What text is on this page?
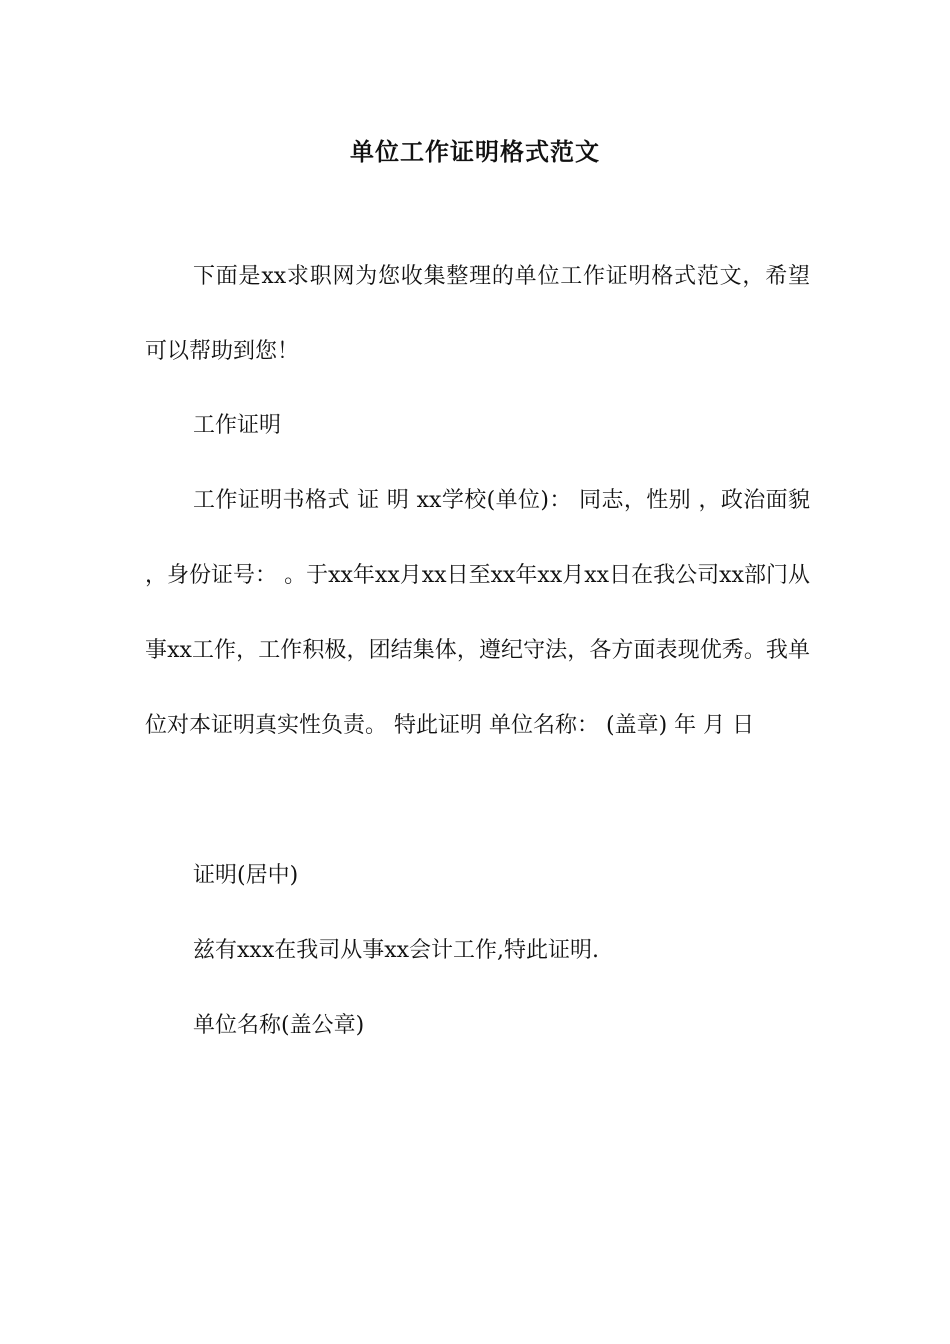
单位工作证明格式范文
下面是xx求职网为您收集整理的单位工作证明格式范文，希望可以帮助到您！
工作证明
工作证明书格式 证 明 xx学校(单位)： 同志，性别 ，政治面貌 ，身份证号： 。于xx年xx月xx日至xx年xx月xx日在我公司xx部门从事xx工作，工作积极，团结集体，遵纪守法，各方面表现优秀。我单位对本证明真实性负责。 特此证明 单位名称： (盖章) 年 月 日
证明(居中)
兹有xxx在我司从事xx会计工作,特此证明.
单位名称(盖公章)
